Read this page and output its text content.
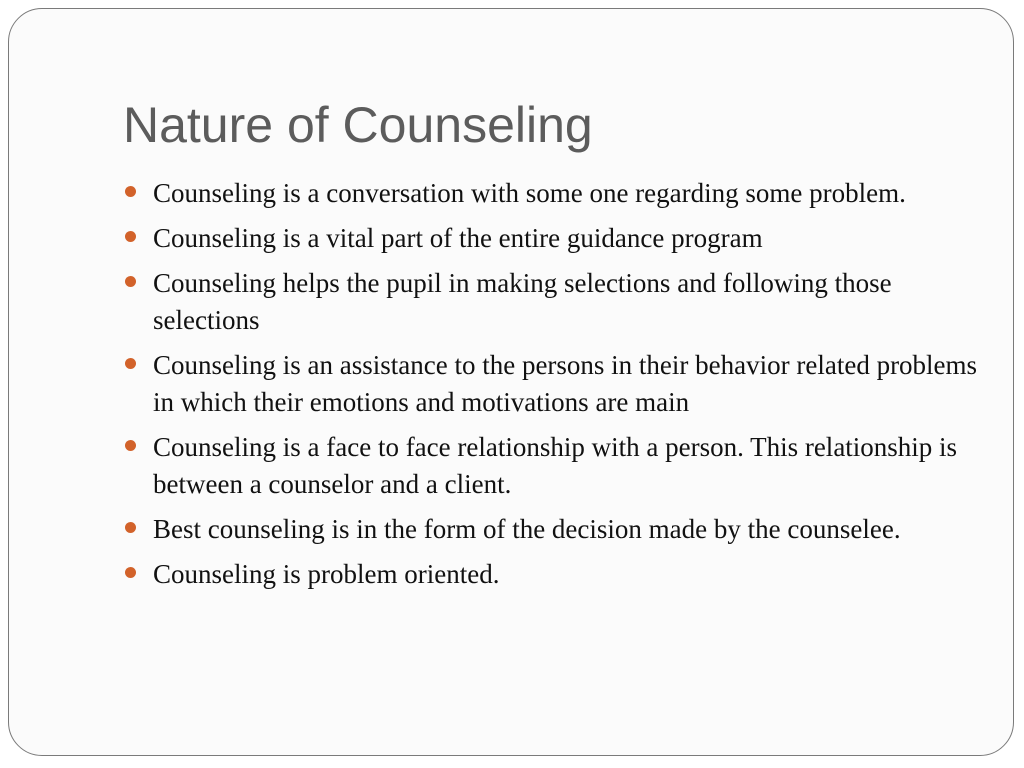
Nature of Counseling
Counseling is a conversation with some one regarding some problem.
Counseling is a vital part of the entire guidance program
Counseling helps the pupil in making selections and following those selections
Counseling is an assistance to the persons in their behavior related problems in which their emotions and motivations are main
Counseling is a face to face relationship with a person. This relationship is between a counselor and a client.
Best counseling is in the form of the decision made by the counselee.
Counseling is problem oriented.
